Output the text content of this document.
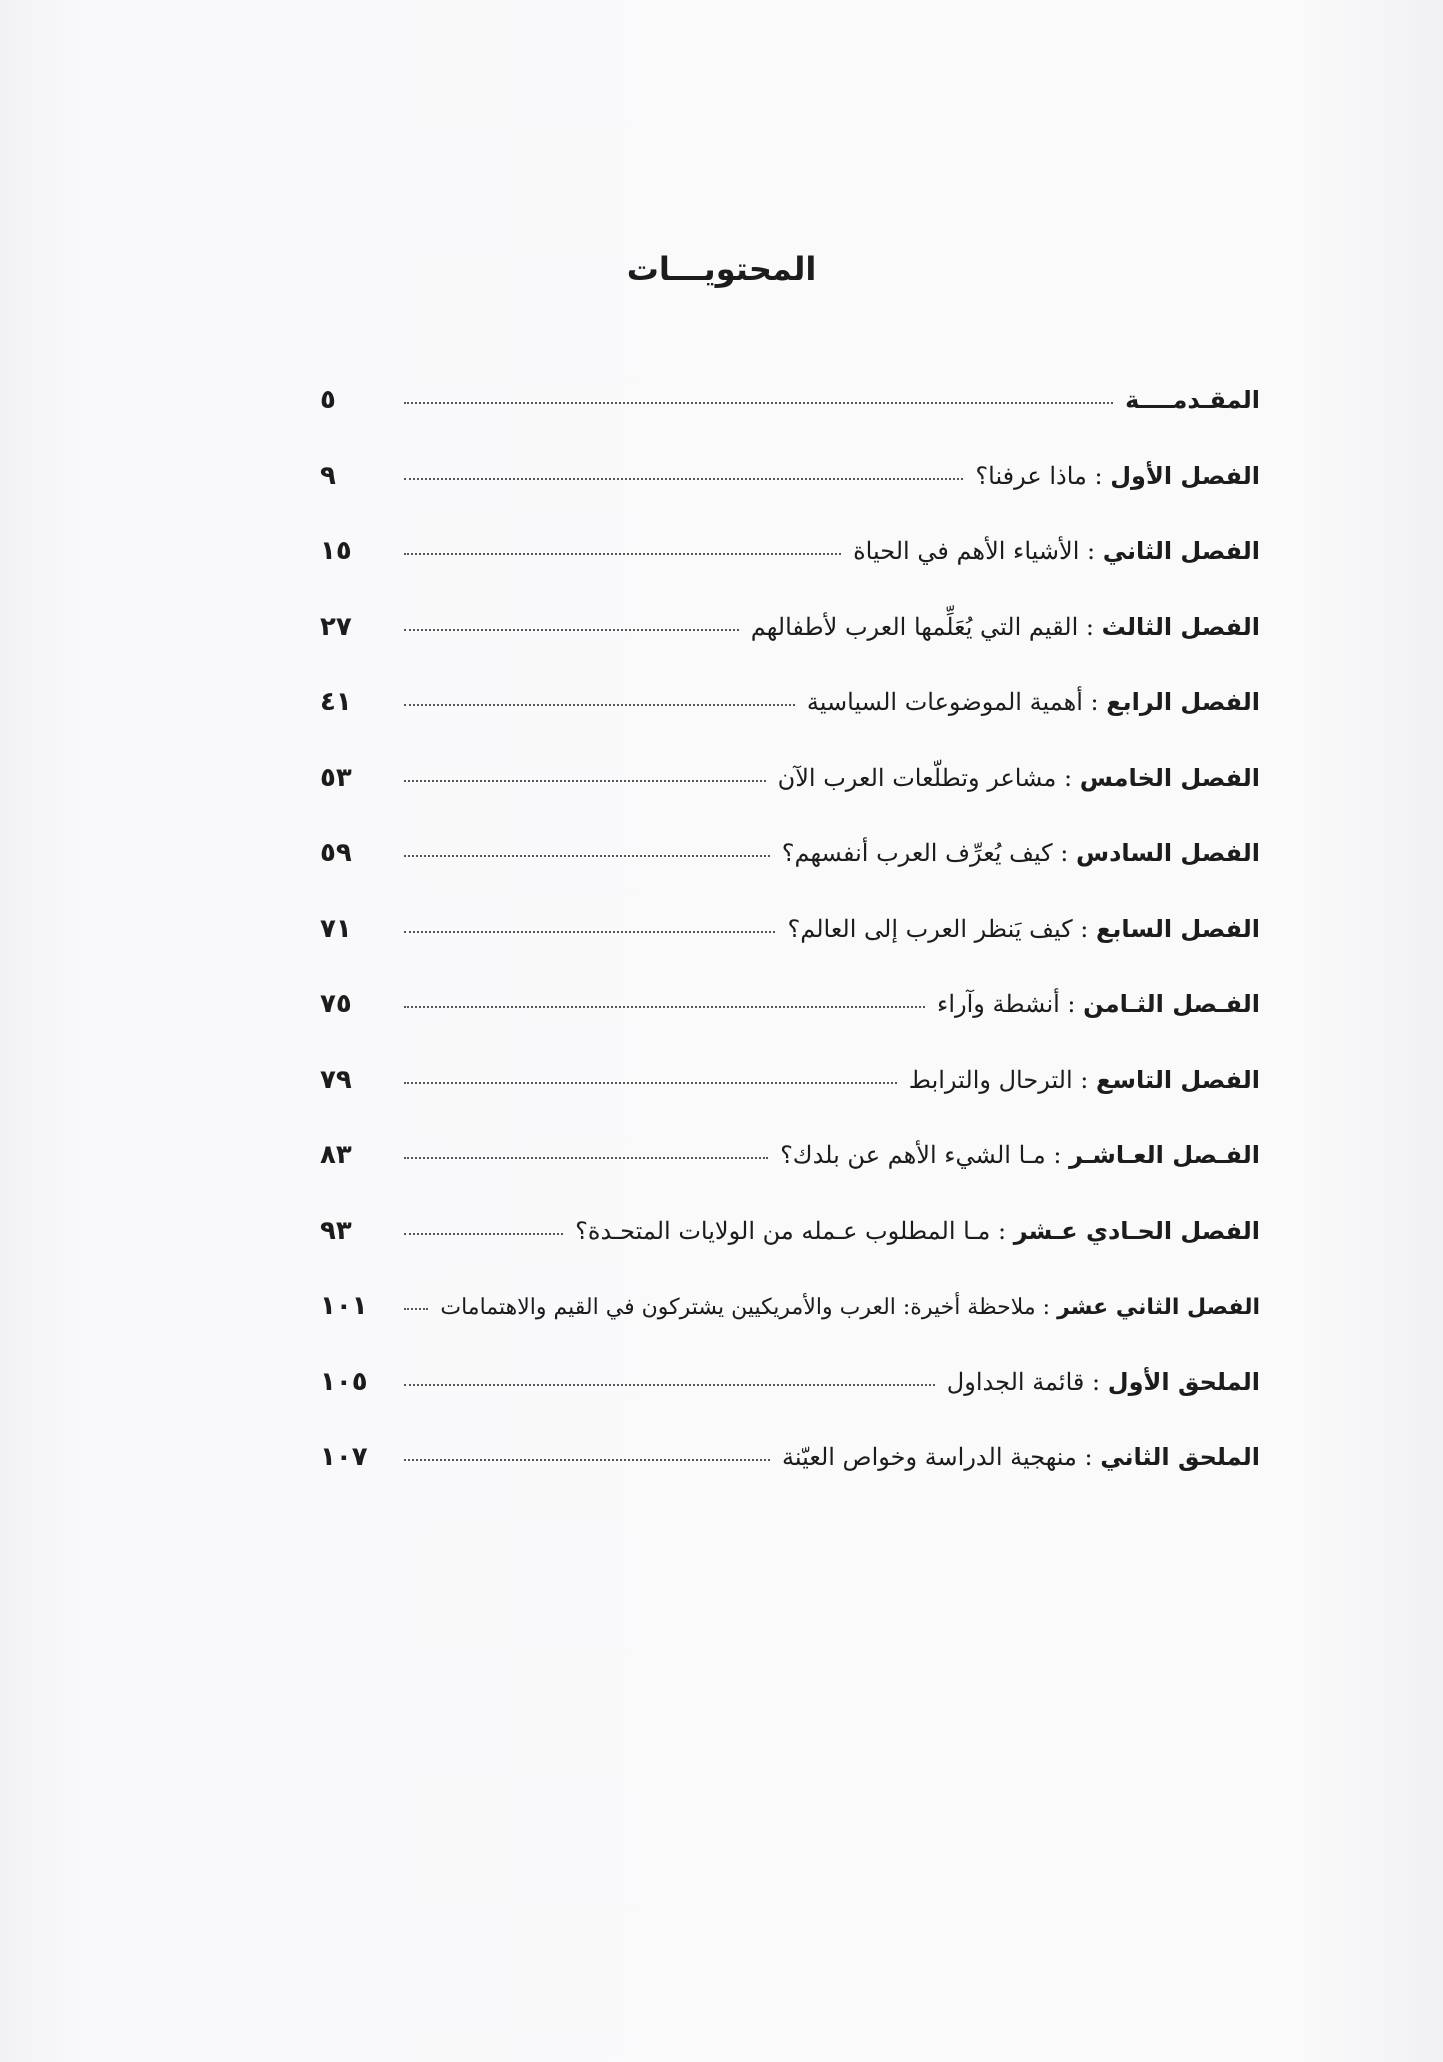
المحتويـــات
المقـدمــــة
٥
الفصل الأول : ماذا عرفنا؟
٩
الفصل الثاني : الأشياء الأهم في الحياة
١٥
الفصل الثالث : القيم التي يُعَلِّمها العرب لأطفالهم
٢٧
الفصل الرابع : أهمية الموضوعات السياسية
٤١
الفصل الخامس : مشاعر وتطلّعات العرب الآن
٥٣
الفصل السادس : كيف يُعرِّف العرب أنفسهم؟
٥٩
الفصل السابع : كيف يَنظر العرب إلى العالم؟
٧١
الفـصل الثـامن : أنشطة وآراء
٧٥
الفصل التاسع : الترحال والترابط
٧٩
الفـصل العـاشـر : مـا الشيء الأهم عن بلدك؟
٨٣
الفصل الحـادي عـشر : مـا المطلوب عـمله من الولايات المتحـدة؟
٩٣
الفصل الثاني عشر : ملاحظة أخيرة: العرب والأمريكيين يشتركون في القيم والاهتمامات
١٠١
الملحق الأول : قائمة الجداول
١٠٥
الملحق الثاني : منهجية الدراسة وخواص العيّنة
١٠٧
